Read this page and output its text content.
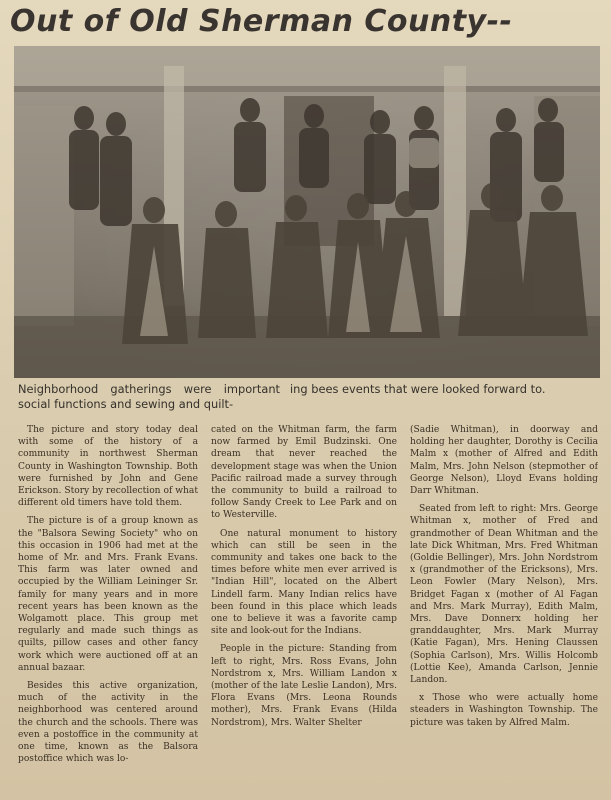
Out of Old Sherman County--
Neighborhood gatherings were important social functions and sewing and quilt-
ing bees events that were looked forward to.

The picture and story today deal with some of the history of a community in northwest Sherman County in Washington Township. Both were furnished by John and Gene Erickson. Story by recollection of what different old timers have told them.

The picture is of a group known as the "Balsora Sewing Society" who on this occasion in 1906 had met at the home of Mr. and Mrs. Frank Evans. This farm was later owned and occupied by the William Leininger Sr. family for many years and in more recent years has been known as the Wolgamott place. This group met regularly and made such things as quilts, pillow cases and other fancy work which were auctioned off at an annual bazaar.

Besides this active organization, much of the activity in the neighborhood was centered around the church and the schools. There was even a postoffice in the community at one time, known as the Balsora postoffice which was lo-

cated on the Whitman farm, the farm now farmed by Emil Budzinski. One dream that never reached the development stage was when the Union Pacific railroad made a survey through the community to build a railroad to follow Sandy Creek to Lee Park and on to Westerville.

One natural monument to history which can still be seen in the community and takes one back to the times before white men ever arrived is "Indian Hill", located on the Albert Lindell farm. Many Indian relics have been found in this place which leads one to believe it was a favorite camp site and look-out for the Indians.

People in the picture: Standing from left to right, Mrs. Ross Evans, John Nordstrom x, Mrs. William Landon x (mother of the late Leslie Landon), Mrs. Flora Evans (Mrs. Leona Rounds mother), Mrs. Frank Evans (Hilda Nordstrom), Mrs. Walter Shelter

(Sadie Whitman), in doorway and holding her daughter, Dorothy is Cecilia Malm x (mother of Alfred and Edith Malm, Mrs. John Nelson (stepmother of George Nelson), Lloyd Evans holding Darr Whitman.

Seated from left to right: Mrs. George Whitman x, mother of Fred and grandmother of Dean Whitman and the late Dick Whitman, Mrs. Fred Whitman (Goldie Bellinger), Mrs. John Nordstrom x (grandmother of the Ericksons), Mrs. Leon Fowler (Mary Nelson), Mrs. Bridget Fagan x (mother of Al Fagan and Mrs. Mark Murray), Edith Malm, Mrs. Dave Donnerx holding her granddaughter, Mrs. Mark Murray (Katie Fagan), Mrs. Hening Claussen (Sophia Carlson), Mrs. Willis Holcomb (Lottie Kee), Amanda Carlson, Jennie Landon.

x Those who were actually home steaders in Washington Township. The picture was taken by Alfred Malm.
